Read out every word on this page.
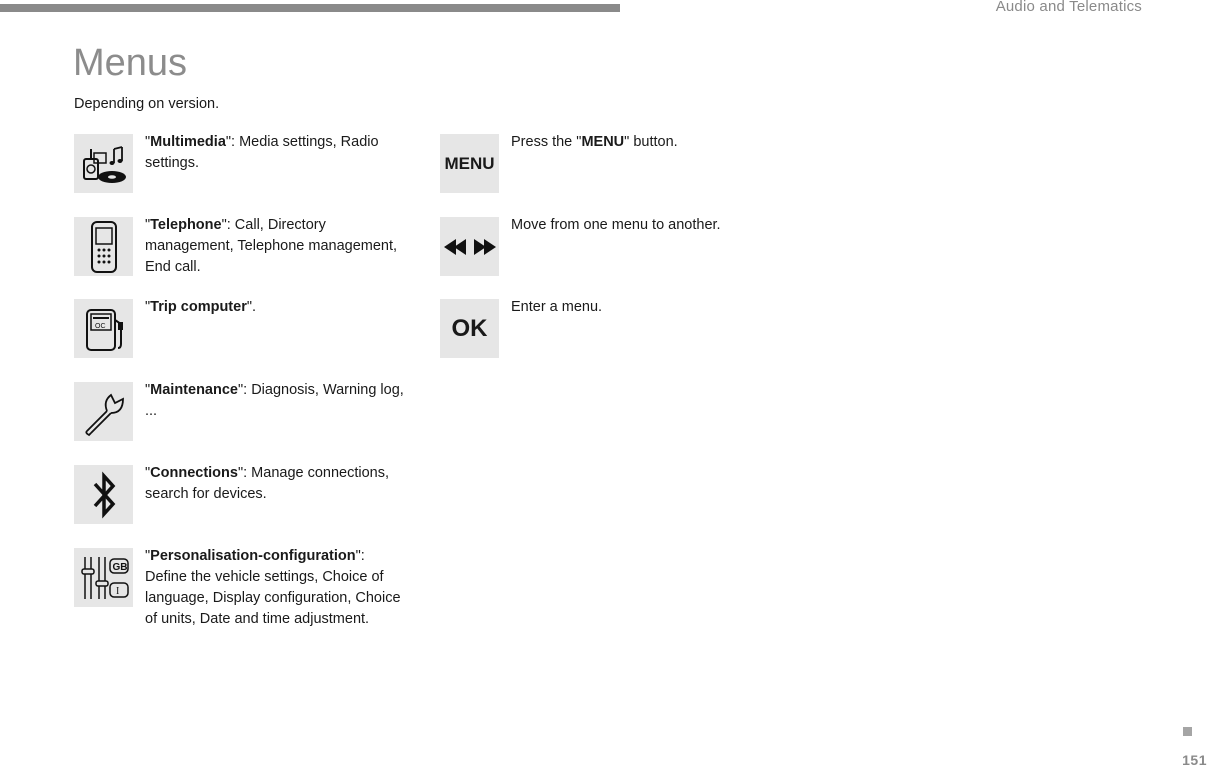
Audio and Telematics
Menus

Depending on version.

"Multimedia": Media settings, Radio settings.

"Telephone": Call, Directory management, Telephone management, End call.

OC

"Trip computer".

"Maintenance": Diagnosis, Warning log, ...

"Connections": Manage connections, search for devices.

GB
I

"Personalisation-configuration": Define the vehicle settings, Choice of language, Display configuration, Choice of units, Date and time adjustment.

MENU

Press the "MENU" button.

Move from one menu to another.

OK

Enter a menu.

151
